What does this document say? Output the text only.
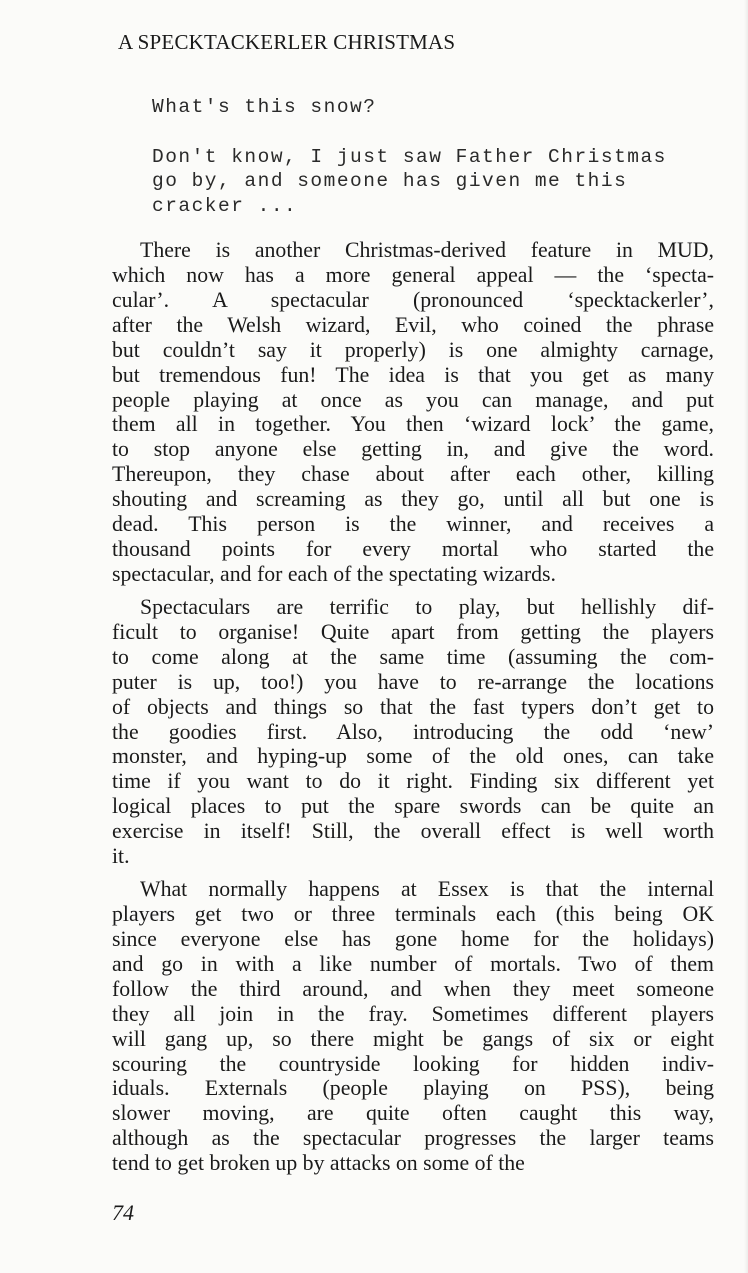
A SPECKTACKERLER CHRISTMAS
What's this snow?
Don't know, I just saw Father Christmas
go by, and someone has given me this
cracker ...
There is another Christmas-derived feature in MUD,
which now has a more general appeal — the ‘specta-
cular’. A spectacular (pronounced ‘specktackerler’,
after the Welsh wizard, Evil, who coined the phrase
but couldn’t say it properly) is one almighty carnage,
but tremendous fun! The idea is that you get as many
people playing at once as you can manage, and put
them all in together. You then ‘wizard lock’ the game,
to stop anyone else getting in, and give the word.
Thereupon, they chase about after each other, killing
shouting and screaming as they go, until all but one is
dead. This person is the winner, and receives a
thousand points for every mortal who started the
spectacular, and for each of the spectating wizards.
Spectaculars are terrific to play, but hellishly dif-
ficult to organise! Quite apart from getting the players
to come along at the same time (assuming the com-
puter is up, too!) you have to re-arrange the locations
of objects and things so that the fast typers don’t get to
the goodies first. Also, introducing the odd ‘new’
monster, and hyping-up some of the old ones, can take
time if you want to do it right. Finding six different yet
logical places to put the spare swords can be quite an
exercise in itself! Still, the overall effect is well worth
it.
What normally happens at Essex is that the internal
players get two or three terminals each (this being OK
since everyone else has gone home for the holidays)
and go in with a like number of mortals. Two of them
follow the third around, and when they meet someone
they all join in the fray. Sometimes different players
will gang up, so there might be gangs of six or eight
scouring the countryside looking for hidden indiv-
iduals. Externals (people playing on PSS), being
slower moving, are quite often caught this way,
although as the spectacular progresses the larger teams
tend to get broken up by attacks on some of the
74
